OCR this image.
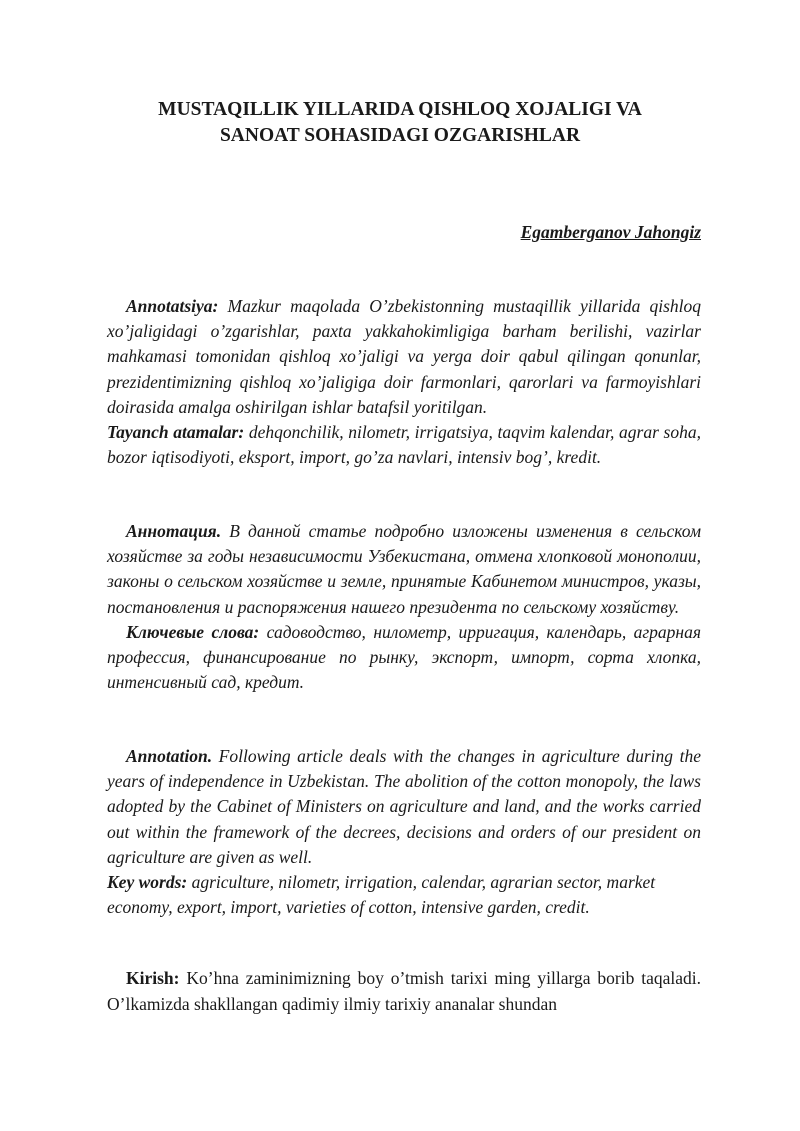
MUSTAQILLIK YILLARIDA QISHLOQ XOJALIGI VA
SANOAT SOHASIDAGI OZGARISHLAR

Egamberganov Jahongiz

Annotatsiya: Mazkur maqolada O’zbekistonning mustaqillik yillarida qishloq xo’jaligidagi o’zgarishlar, paxta yakkahokimligiga barham berilishi, vazirlar mahkamasi tomonidan qishloq xo’jaligi va yerga doir qabul qilingan qonunlar, prezidentimizning qishloq xo’jaligiga doir farmonlari, qarorlari va farmoyishlari doirasida amalga oshirilgan ishlar batafsil yoritilgan.

Tayanch atamalar: dehqonchilik, nilometr, irrigatsiya, taqvim kalendar, agrar soha, bozor iqtisodiyoti, eksport, import, go’za navlari, intensiv bog’, kredit.

Аннотация. В данной статье подробно изложены изменения в сельском хозяйстве за годы независимости Узбекистана, отмена хлопковой монополии, законы о сельском хозяйстве и земле, принятые Кабинетом министров, указы, постановления и распоряжения нашего президента по сельскому хозяйству.

Ключевые слова: садоводство, нилометр, ирригация, календарь, аграрная профессия, финансирование по рынку, экспорт, импорт, сорта хлопка, интенсивный сад, кредит.

Annotation. Following article deals with the changes in agriculture during the years of independence in Uzbekistan. The abolition of the cotton monopoly, the laws adopted by the Cabinet of Ministers on agriculture and land, and the works carried out within the framework of the decrees, decisions and orders of our president on agriculture are given as well.

Key words: agriculture, nilometr, irrigation, calendar, agrarian sector, market

economy, export, import, varieties of cotton, intensive garden, credit.

Kirish: Ko’hna zaminimizning boy o’tmish tarixi ming yillarga borib taqaladi. O’lkamizda shakllangan qadimiy ilmiy tarixiy ananalar shundan
